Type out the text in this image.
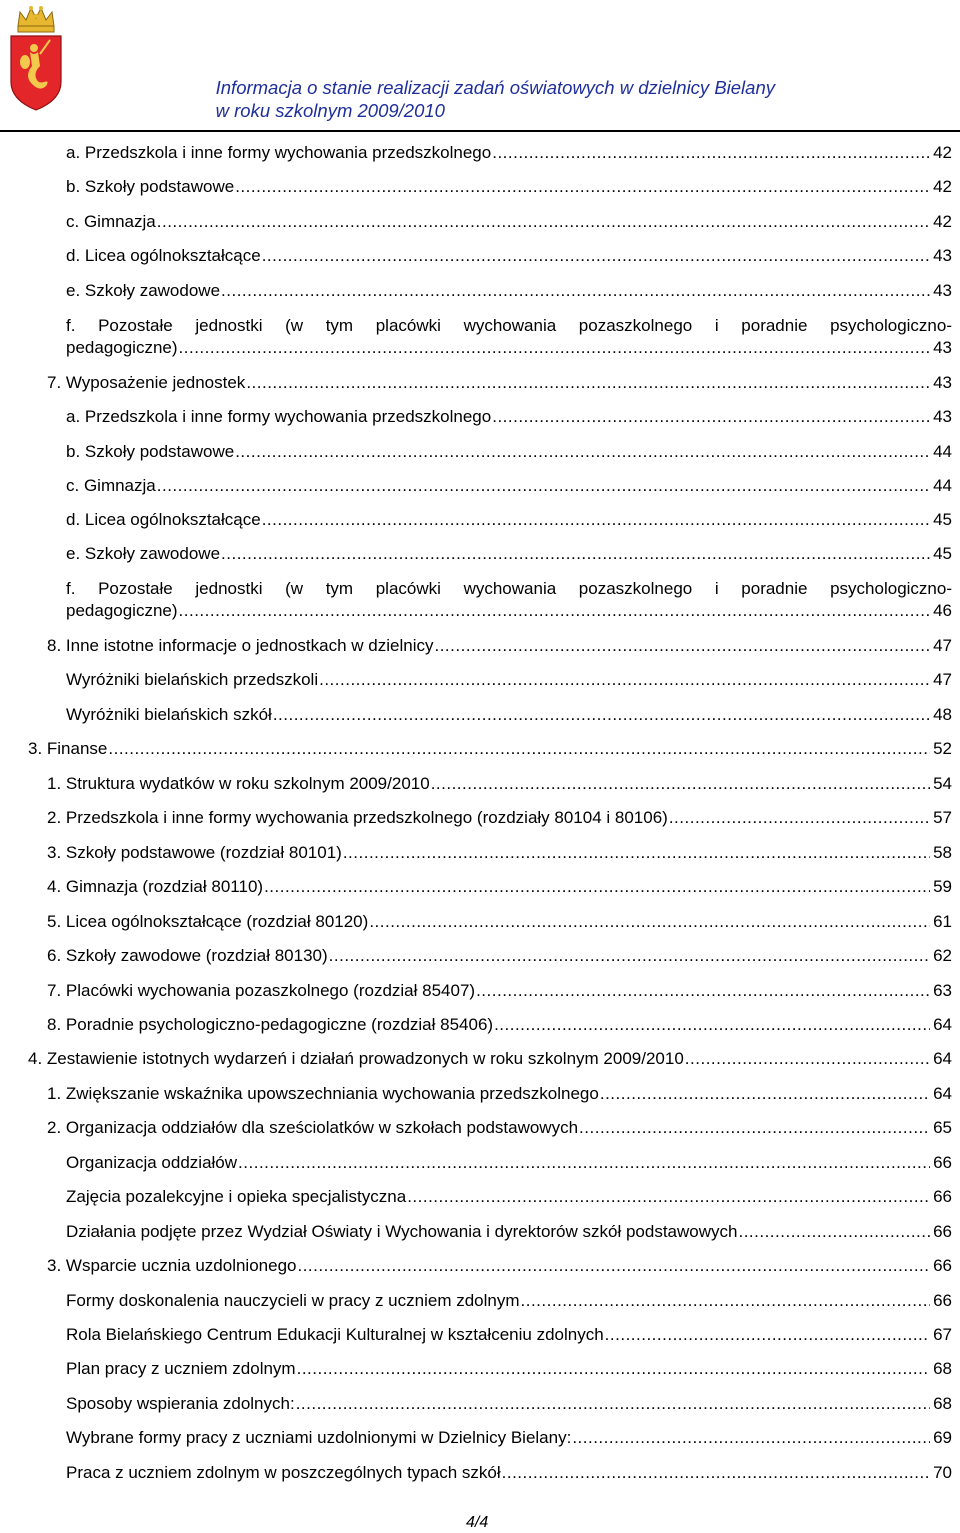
Informacja o stanie realizacji zadań oświatowych w dzielnicy Bielany
w roku szkolnym 2009/2010
a. Przedszkola i inne formy wychowania przedszkolnego .....	42
b. Szkoły podstawowe .....	42
c. Gimnazja .....	42
d. Licea ogólnokształcące .....	43
e. Szkoły zawodowe .....	43
f. Pozostałe jednostki (w tym placówki wychowania pozaszkolnego i poradnie psychologiczno-
pedagogiczne) .....	43
7. Wyposażenie jednostek .....	43
a. Przedszkola i inne formy wychowania przedszkolnego .....	43
b. Szkoły podstawowe .....	44
c. Gimnazja .....	44
d. Licea ogólnokształcące .....	45
e. Szkoły zawodowe .....	45
f. Pozostałe jednostki (w tym placówki wychowania pozaszkolnego i poradnie psychologiczno-
pedagogiczne) .....	46
8. Inne istotne informacje o jednostkach w dzielnicy .....	47
Wyróżniki bielańskich przedszkoli .....	47
Wyróżniki bielańskich szkół .....	48
3. Finanse .....	52
1. Struktura wydatków w roku szkolnym 2009/2010 .....	54
2. Przedszkola i inne formy wychowania przedszkolnego (rozdziały 80104 i 80106) .....	57
3. Szkoły podstawowe (rozdział 80101) .....	58
4. Gimnazja (rozdział 80110) .....	59
5. Licea ogólnokształcące (rozdział 80120) .....	61
6. Szkoły zawodowe (rozdział 80130) .....	62
7. Placówki wychowania pozaszkolnego (rozdział 85407) .....	63
8. Poradnie psychologiczno-pedagogiczne (rozdział 85406) .....	64
4. Zestawienie istotnych wydarzeń i działań prowadzonych w roku szkolnym 2009/2010 .....	64
1. Zwiększanie wskaźnika upowszechniania wychowania przedszkolnego .....	64
2. Organizacja oddziałów dla sześciolatków w szkołach podstawowych .....	65
Organizacja oddziałów .....	66
Zajęcia pozalekcyjne i opieka specjalistyczna .....	66
Działania podjęte przez Wydział Oświaty i Wychowania i dyrektorów szkół podstawowych .....	66
3. Wsparcie ucznia uzdolnionego .....	66
Formy doskonalenia nauczycieli w pracy z uczniem zdolnym .....	66
Rola Bielańskiego Centrum Edukacji Kulturalnej w kształceniu zdolnych .....	67
Plan pracy z uczniem zdolnym .....	68
Sposoby wspierania zdolnych: .....	68
Wybrane formy pracy z uczniami uzdolnionymi w Dzielnicy Bielany: .....	69
Praca z uczniem zdolnym w poszczególnych typach szkół .....	70
4/4
